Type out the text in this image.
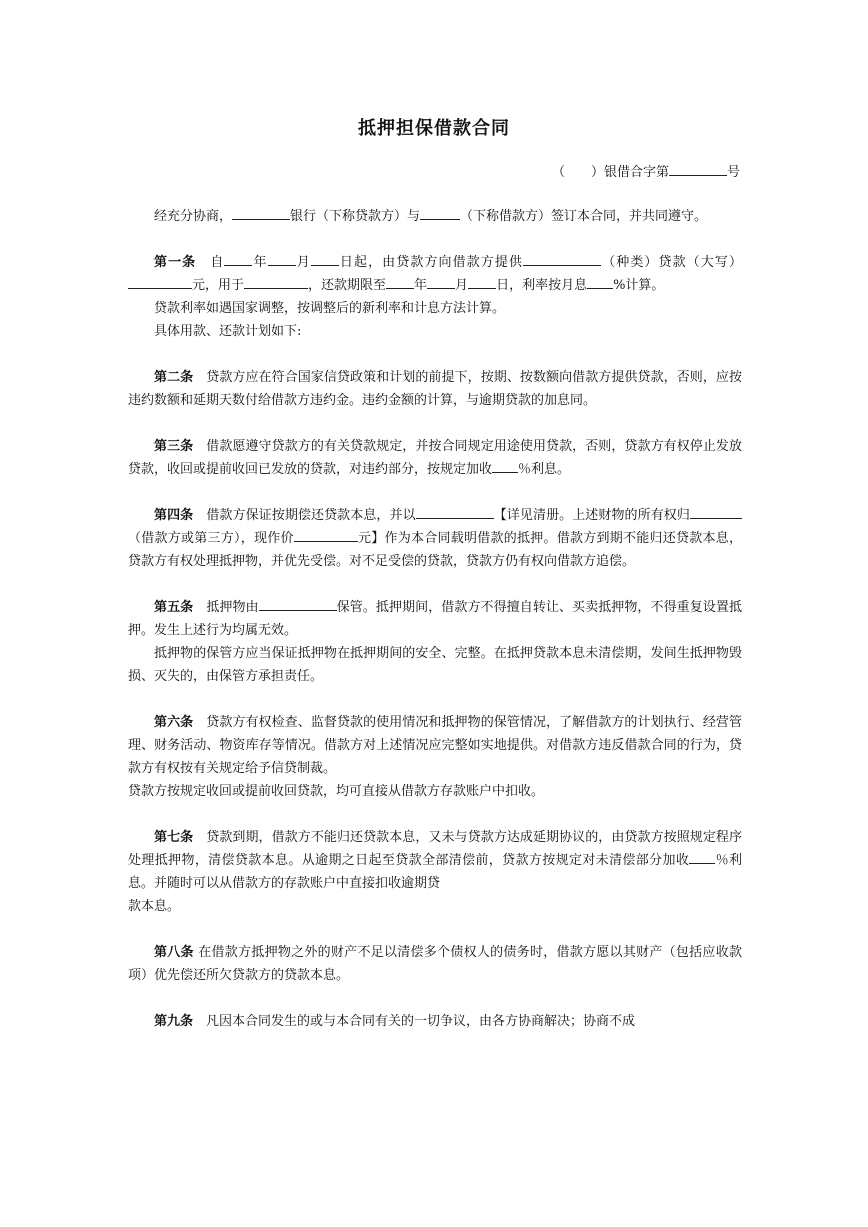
抵押担保借款合同
（　　）银借合字第	号

经充分协商，	银行（下称贷款方）与	（下称借款方）签订本合同，并共同遵守。

第一条　 自 年 月 日起，由贷款方向借款方提供	（种类）贷款（大写）元，用于	，还款期限至 年 月 日，利率按月息 %计算。

贷款利率如遇国家调整，按调整后的新利率和计息方法计算。

具体用款、还款计划如下:

第二条　 贷款方应在符合国家信贷政策和计划的前提下，按期、按数额向借款方提供贷款，否则，应按违约数额和延期天数付给借款方违约金。违约金额的计算，与逾期贷款的加息同。

第三条　 借款愿遵守贷款方的有关贷款规定，并按合同规定用途使用贷款，否则，贷款方有权停止发放贷款，收回或提前收回已发放的贷款，对违约部分，按规定加收 ％利息。

第四条　 借款方保证按期偿还贷款本息，并以	【详见清册。上述财物的所有权归（借款方或第三方），现作价	元】作为本合同载明借款的抵押。借款方到期不能归还贷款本息，贷款方有权处理抵押物，并优先受偿。对不足受偿的贷款，贷款方仍有权向借款方追偿。

第五条　 抵押物由	保管。抵押期间，借款方不得擅自转让、买卖抵押物，不得重复设置抵押。发生上述行为均属无效。

抵押物的保管方应当保证抵押物在抵押期间的安全、完整。在抵押贷款本息未清偿期，发间生抵押物毁损、灭失的，由保管方承担责任。

第六条　 贷款方有权检查、监督贷款的使用情况和抵押物的保管情况，了解借款方的计划执行、经营管理、财务活动、物资库存等情况。借款方对上述情况应完整如实地提供。对借款方违反借款合同的行为，贷款方有权按有关规定给予信贷制裁。

贷款方按规定收回或提前收回贷款，均可直接从借款方存款账户中扣收。

第七条　 贷款到期，借款方不能归还贷款本息，又未与贷款方达成延期协议的，由贷款方按照规定程序处理抵押物，清偿贷款本息。从逾期之日起至贷款全部清偿前，贷款方按规定对未清偿部分加收 ％利息。并随时可以从借款方的存款账户中直接扣收逾期贷

款本息。

第八条 在借款方抵押物之外的财产不足以清偿多个债权人的债务时，借款方愿以其财产（包括应收款项）优先偿还所欠贷款方的贷款本息。

第九条　 凡因本合同发生的或与本合同有关的一切争议，由各方协商解决；协商不成
